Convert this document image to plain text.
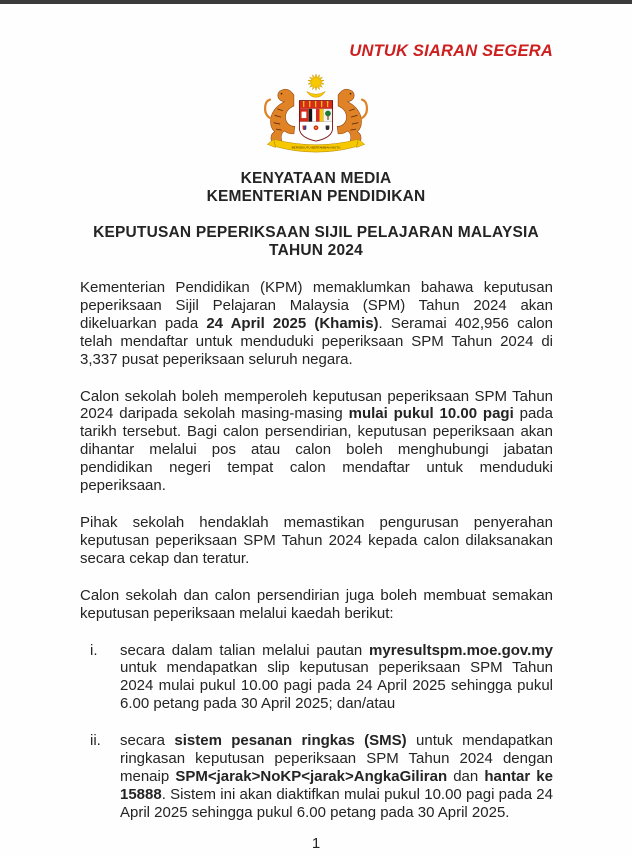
UNTUK SIARAN SEGERA
BERSEKUTU BERTAMBAH MUTU
KENYATAAN MEDIA
KEMENTERIAN PENDIDIKAN
KEPUTUSAN PEPERIKSAAN SIJIL PELAJARAN MALAYSIA
TAHUN 2024
Kementerian Pendidikan (KPM) memaklumkan bahawa keputusan peperiksaan Sijil Pelajaran Malaysia (SPM) Tahun 2024 akan dikeluarkan pada 24 April 2025 (Khamis). Seramai 402,956 calon telah mendaftar untuk menduduki peperiksaan SPM Tahun 2024 di 3,337 pusat peperiksaan seluruh negara.
Calon sekolah boleh memperoleh keputusan peperiksaan SPM Tahun 2024 daripada sekolah masing-masing mulai pukul 10.00 pagi pada tarikh tersebut. Bagi calon persendirian, keputusan peperiksaan akan dihantar melalui pos atau calon boleh menghubungi jabatan pendidikan negeri tempat calon mendaftar untuk menduduki peperiksaan.
Pihak sekolah hendaklah memastikan pengurusan penyerahan keputusan peperiksaan SPM Tahun 2024 kepada calon dilaksanakan secara cekap dan teratur.
Calon sekolah dan calon persendirian juga boleh membuat semakan keputusan peperiksaan melalui kaedah berikut:
i.	secara dalam talian melalui pautan myresultspm.moe.gov.my untuk mendapatkan slip keputusan peperiksaan SPM Tahun 2024 mulai pukul 10.00 pagi pada 24 April 2025 sehingga pukul 6.00 petang pada 30 April 2025; dan/atau
ii.	secara sistem pesanan ringkas (SMS) untuk mendapatkan ringkasan keputusan peperiksaan SPM Tahun 2024 dengan menaip SPM<jarak>NoKP<jarak>AngkaGiliran dan hantar ke 15888. Sistem ini akan diaktifkan mulai pukul 10.00 pagi pada 24 April 2025 sehingga pukul 6.00 petang pada 30 April 2025.
1
